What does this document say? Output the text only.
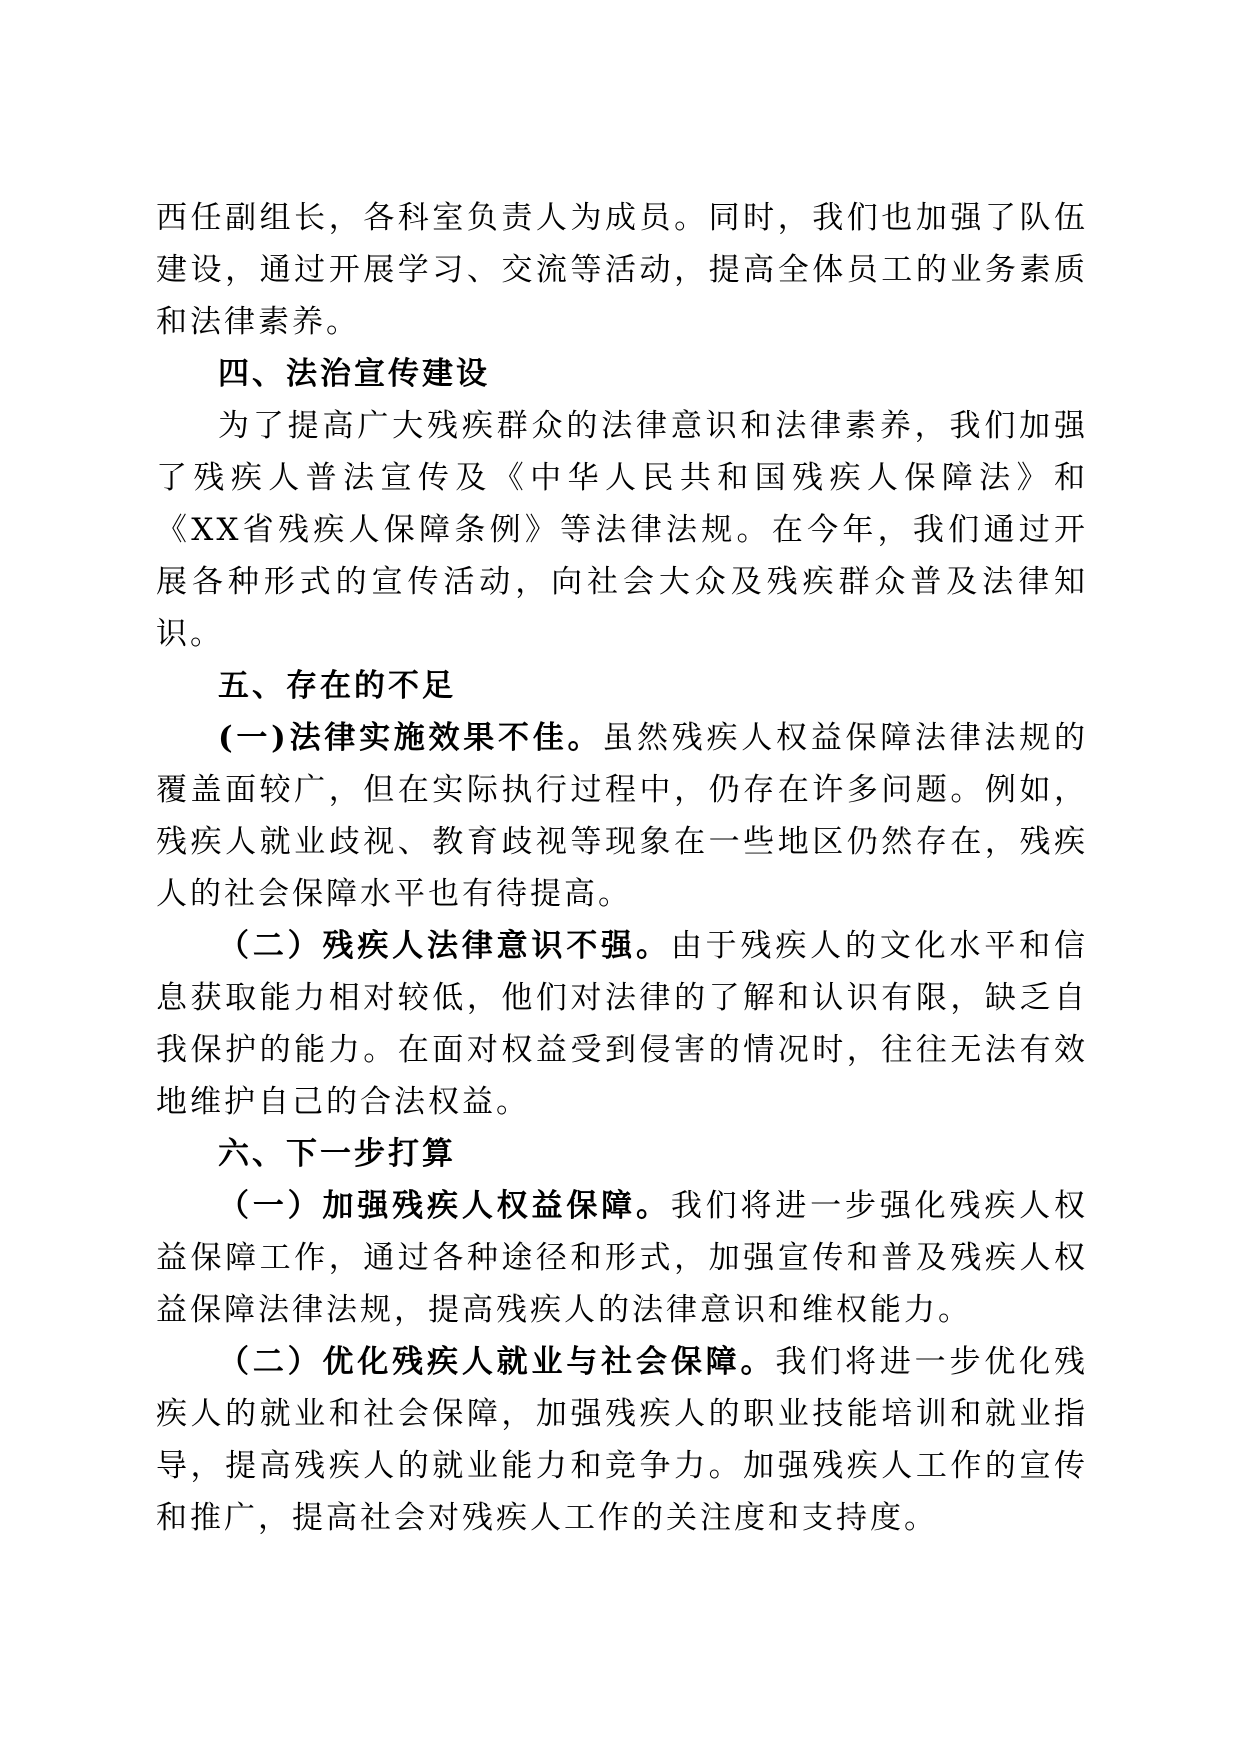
西任副组长，各科室负责人为成员。同时，我们也加强了队伍建设，通过开展学习、交流等活动，提高全体员工的业务素质和法律素养。

四、法治宣传建设

为了提高广大残疾群众的法律意识和法律素养，我们加强了残疾人普法宣传及《中华人民共和国残疾人保障法》和《XX省残疾人保障条例》等法律法规。在今年，我们通过开展各种形式的宣传活动，向社会大众及残疾群众普及法律知识。

五、存在的不足

(一)法律实施效果不佳。虽然残疾人权益保障法律法规的覆盖面较广，但在实际执行过程中，仍存在许多问题。例如，残疾人就业歧视、教育歧视等现象在一些地区仍然存在，残疾人的社会保障水平也有待提高。

（二）残疾人法律意识不强。由于残疾人的文化水平和信息获取能力相对较低，他们对法律的了解和认识有限，缺乏自我保护的能力。在面对权益受到侵害的情况时，往往无法有效地维护自己的合法权益。

六、下一步打算

（一）加强残疾人权益保障。我们将进一步强化残疾人权益保障工作，通过各种途径和形式，加强宣传和普及残疾人权益保障法律法规，提高残疾人的法律意识和维权能力。

（二）优化残疾人就业与社会保障。我们将进一步优化残疾人的就业和社会保障，加强残疾人的职业技能培训和就业指导，提高残疾人的就业能力和竞争力。加强残疾人工作的宣传和推广，提高社会对残疾人工作的关注度和支持度。
